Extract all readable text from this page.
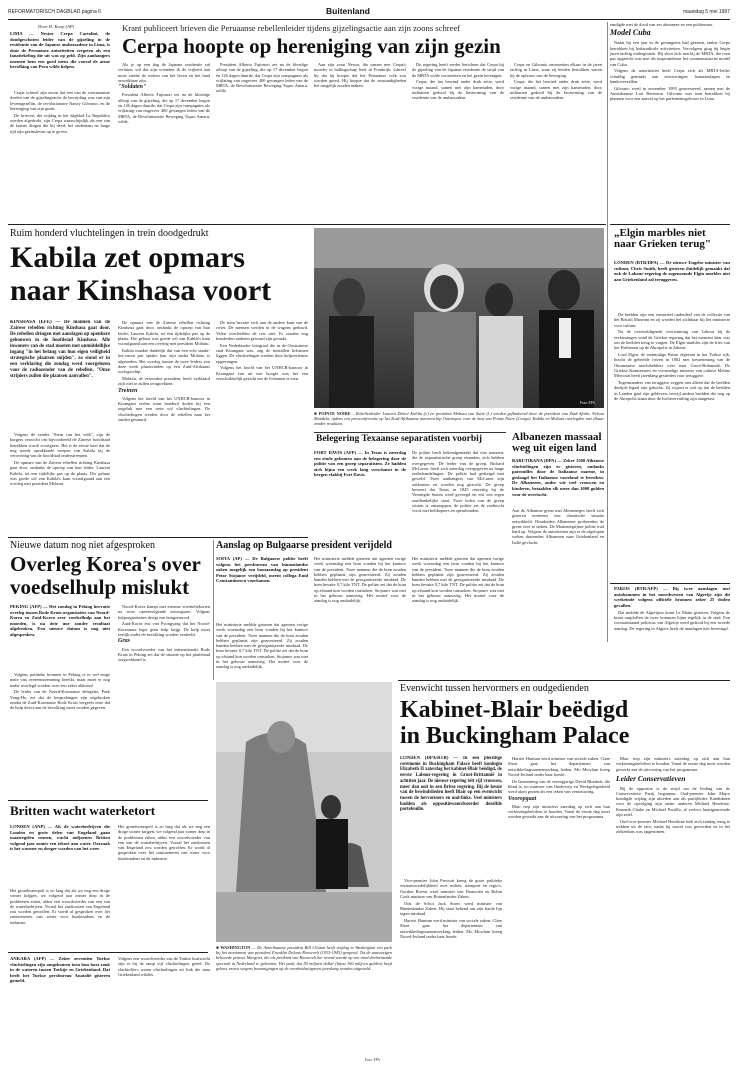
REFORMATORISCH DAGBLAD pagina 6	Buitenland	maandag 5 mei 1997
Door D. Koop (AP)
LIMA — Nestor Cerpa Cartolini, de doodgeschoten leider van de gijzeling in de residentie van de Japanse ambassadeur in Lima, is door de Peruaanse autoriteiten vergeten als een fanatiekeling die uit was op geld. Zijn aanhangers noemen hem een goed mens die vooral de arme bevolking van Peru wilde helpen.
Krant publiceert brieven die Peruaanse rebellenleider tijdens gijzelingsactie aan zijn zoons schreef
Cerpa hoopte op hereniging van zijn gezin

Cerpa schreef zijn zoons dat een van de voornaamste doelen van de gijzelingsactie de bevrijding was van zijn levensgezellin, de revolutionaire Nancy Gilvonio, en de hereniging van zijn gezin.

De brieven, die vrijdag in het dagblad La Republica werden afgedrukt, zijn Cerpa waarschijnlijk als een van de laatste dingen die hij deed, het ondernam na lange tijd zijn gezinsleven op te geven.

Als je op een dag de Japanse residentie zal verlaten, wil dat zijn vrienden ik de vrijheid aan moet omdat de wetten van het leven en het land onwrikbaar zijn.

"Soldaten"

President Alberto Fujimori zei na de bloedige afloop van de gijzeling, die op 17 december begon en 126 dagen duurde, dat Cerpa zijn compagnies als vrijlating van ongeveer 400 gevangen leden van de MRTA, de Revolutionaire Beweging Tupac Amaru, wilde.

President Alberto Fujimori zei na de bloedige afloop van de gijzeling, die op 17 december begon en 126 dagen duurde, dat Cerpa zijn compagnies als vrijlating van ongeveer 400 gevangen leden van de MRTA, de Revolutionaire Beweging Tupac Amaru, wilde.

Aan zijn zoon Nestor, die samen met Cerpa's moeder in ballingschap leeft in Frankrijk, schreef hij dat hij hoopte dat het Peruaanse volk zou worden gered. Hij hoopte dat de omstandigheden het mogelijk zouden maken.

De regering heeft eerder berichten dat Cerpa bij de gijzeling van de Japanse residentie de strijd van de MRTA wilde voortzetten en het gezin herenigen.

Cerpa, die het bewind onder druk zette, werd vorige maand, samen met zijn kameraden, door militairen gedood bij de bestorming van de residentie van de ambassadeur.

Cerpa en Gilvonio ontmoetten elkaar in de jaren tachtig in Lima, waar zij beiden betrokken waren bij de opbouw van de beweging.

Cerpa, die het bewind onder druk zette, werd vorige maand, samen met zijn kameraden, door militairen gedood bij de bestorming van de residentie van de ambassadeur.

eindigde met de dood van zes abonnees en een politieman.

Model Cuba

Nadat hij een jaar in de gevangenis had gezeten, raakte Cerpa betrokken bij linksradicale activiteiten. Vervolgens ging hij begin jaren tachtig ondergronds. Hij sloot zich aan bij de MRTA, die toen pas opgericht was met als inspiratiebron het communistische model van Cuba.

Volgens de autoriteiten heeft Cerpa zich als MRTA-leider schuldig gemaakt aan ontvoeringen, bomaanslagen en bankovervallen.

Gilvonio werd in november 1995 gearresteerd, samen met de Amerikaanse Lori Berenson. Gilvonio was toen betrokken bij plannen voor een aanval op het parlementsgebouw in Lima.

Ruim honderd vluchtelingen in trein doodgedrukt
Kabila zet opmars
naar Kinshasa voort
KINSHASA (EFE) — De mannen van de Zaïrese rebellen richting Kinshasa gaat door. De rebellen dringen met aanslagen op openbare gebouwen in de hoofdstad Kinshasa. Alle inwoners van de stad moeten met onmiddellijke ingang "in het belang van hun eigen veiligheid strategische plaatsen mijden", zo stond er in een verklaring die zondag werd voorgelezen voor de radiozender van de rebellen. "Onze strijders zullen die plaatsen aanvallen".

Volgens de zender "Stem van het volk", zijn de burgers verzocht om bijvoorbeeld de Zaïrese hoofdstad betrekken wordt voortgezet. Het is de eerste keer dat de nog steeds oprukkende troepen van Kabila hij de verovering van de hoofdstad onderstreepten.

De opmars van de Zaïrese rebellen richting Kinshasa gaat door, ondanks de oproep van hun leider, Laurent Kabila, tot een tijdelijke pas op de plaats. Die gebaar was goede wil van Kabila's kant voorafgaand aan een overleg met president Mobutu.

De opmars van de Zaïrese rebellen richting Kinshasa gaat door, ondanks de oproep van hun leider, Laurent Kabila, tot een tijdelijke pas op de plaats. Die gebaar was goede wil van Kabila's kant voorafgaand aan een overleg met president Mobutu.

Kabila maakte duidelijk dat van een echt staakt-het-vuren pas sprake kan zijn nadat Mobutu is afgetreden. Het overleg tussen de twee leiders zou deze week plaatsvinden op een Zuid-Afrikaans oorlogsschip.

Mobutu, de verzwakte president, heeft verklaard zich niet te zullen terugtrekken.

Treinen

Volgens het hoofd van het UNHCR-kantoor in Kisangani vielen ruim honderd doden bij een ongeluk met een trein vol vluchtelingen. De vluchtelingen werden door de rebellen naar het zuiden gestuurd.

De trein bevatte zich aan de andere kant van de rivier. De mensen werden in de wagons geduwd. Velen overleefden de reis niet. Er zouden nog honderden anderen gewond zijn geraakt.

Een Nederlandse fotograaf die in de Oostzaïrese stad Kisangani was, zag de tientallen lichamen liggen. De vluchtelingen werden door hulpverleners opgevangen.

Volgens het hoofd van het UNHCR-kantoor in Kisangani van uit een hoogte was het een verschrikkelijk gezicht om de lichamen te zien.

■ POINTE NOIRE – Rebellenleider Laurent Désiré Kabila (r.) en president Mobutu van Zaïre (l.) worden geflankeerd door de president van Zuid-Afrika, Nelson Mandela, tijdens een persconferentie op het Zuid-Afrikaanse marineschip Outeniqua, voor de kust van Pointe Noire (Congo). Kabila en Mobutu overlegden met elkaar zonder resultaat.
Foto: EPA
Belegering Texaanse separatisten voorbij
FORT DAVIS (AFP) — In Texas is zaterdag een einde gekomen aan de belegering door de politie van een groep separatisten. Ze hadden zich bijna een week lang verschanst in de bergen vlakbij Fort Davis.
De politie heeft bekendgemaakt dat vier mannen, die de separatistische groep steunden, zich hebben overgegeven. De leider van de groep, Richard McLaren, heeft zich zaterdag overgegeven na lange onderhandelingen. De politie had gedreigd met geweld. Twee aanhangers van McLaren zijn ontkomen en worden nog gezocht. De groep beweert dat Texas in 1845 onwettig bij de Verenigde Staten werd gevoegd en eist een eigen onafhankelijke staat. Twee leden van de groep wisten te ontsnappen, de politie zet de zoektocht voort met helikopters en speurhonden.
Albanezen massaal weg uit eigen land
BARI/TIRANA (DPA) — Zeker 1500 Albanese vluchtelingen zijn er gisteren, ondanks patrouilles door de Italiaanse marine, in geslaagd het Italiaanse vasteland te bereiken. De Albanezen, onder wie veel vrouwen en kinderen, betaalden elk meer dan 1000 gulden voor de overtocht.
Aan de Albanese grens met Montenegro heeft zich gisteren eveneens een chaotische situatie ontwikkeld. Honderden Albanezen probeerden de grens over te steken. De Montenegrijnse politie trad hard op. Volgens de autoriteiten zijn er de afgelopen weken duizenden Albanezen naar Griekenland en Italië gevlucht.
„Elgin marbles niet naar Grieken terug"
LONDEN (RTR/DPA) — De nieuwe Engelse minister van cultuur, Chris Smith, heeft gisteren duidelijk gemaakt dat ook de Labour-regering de zogenoemde Elgin marbles niet aan Griekenland zal teruggeven.

De beelden zijn een essentieel onderdeel van de collectie van het British Museum en zij worden het zichtbaar bij het ministerie voor cultuur.

Na de overweldigende overwinning van Labour bij de verkiezingen vond de Griekse regering dat het moment daar was om de beelden terug te vragen. De Elgin marbles zijn de fries van het Parthenon op de Akropolis in Athene.

Lord Elgin, de toenmalige Britse afgezant in het Turkse rijk, bracht de gebeelde frezen in 1802 met toestemming van de Ottomaanse machthebbers over naar Groot-Brittannië. De Griekse Kunstenares en voormalige minister van cultuur Melina Mercouri heeft jarenlang gestreden voor teruggave.

Tegenstanders van teruggave zeggen niet alleen dat de beelden destijds legaal zijn gekocht. Zij wijzen er ook op dat de beelden in Londen gaaf zijn gebleven, terwijl andere beelden die nog op de Akropolis staan door de luchtvervuiling zijn aangetast.

PARIJS (RTR/AFP) — Bij twee aanslagen met autobommen in het noordwesten van Algerije zijn dit weekeinde volgens officiële bronnen zeker 25 doden gevallen.

Dat meldde de Algerijnse krant Le Matin gisteren. Volgens de krant ontploffen de twee bommen bijna tegelijk in de stad. Een vooraanstaand politicus van Algerije werd gedood bij een tweede aanslag. De regering in Algiers heeft de aanslagen niet bevestigd.

Nieuwe datum nog niet afgesproken
Overleg Korea's over
voedselhulp mislukt
PEKING (AFP) — Het zondag in Peking hervatte overleg tussen Rode Kruis-organisaties van Noord-Korea en Zuid-Korea over voedselhulp aan het noorden, is na drie uur zonder resultaat afgebroken. Een nieuwe datum is nog niet afgesproken.

Volgens politieke bronnen in Peking is er wel enige mate van overeenstemming bereikt, maar moet er nog nader overlegd worden over een zeker akkoord.

De leider van de Noord-Koreaanse delegatie, Paek Yong-Ho, zei dat de besprekingen zijn afgebroken omdat de Zuid-Koreaanse Rode Kruis vergeefs eiste dat de hulp direct aan de bevolking moet worden gegeven.

Noord-Korea kampt met enorme voedseltekorten na twee opeenvolgende misoogsten. Volgens hulporganisaties dreigt een hongersnood.

Zuid-Korea eist van Pyongyang dat het Noord-Koreaanse leger geen hulp krijgt. De hulp moet eerlijk onder de bevolking worden verdeeld.

Gras

Een woordvoerder van het internationale Rode Kruis in Peking zei dat de situatie op het platteland zorgwekkend is.

Aanslag op Bulgaarse president verijdeld
SOFIA (AP) — De Bulgaarse politie heeft volgens het persbureau van binnenlandse zaken mogelijk een bomaanslag op president Petar Stojanov verijdeld, meent collega Emil Constantinescu voorkomen.
Het ministerie meldde gisteren dat agenten vorige week woensdag een bom vonden bij het kantoor van de president. Twee mannen die de bom zouden hebben geplaatst zijn gearresteerd. Zij zouden banden hebben met de georganiseerde misdaad. De bom bevatte 0,7 kilo TNT. De politie zei dat de bom op afstand kon worden ontstoken. Stojanov was niet in het gebouw aanwezig. Het motief voor de aanslag is nog onduidelijk.
Het ministerie meldde gisteren dat agenten vorige week woensdag een bom vonden bij het kantoor van de president. Twee mannen die de bom zouden hebben geplaatst zijn gearresteerd. Zij zouden banden hebben met de georganiseerde misdaad. De bom bevatte 0,7 kilo TNT. De politie zei dat de bom op afstand kon worden ontstoken. Stojanov was niet in het gebouw aanwezig. Het motief voor de aanslag is nog onduidelijk.
Het ministerie meldde gisteren dat agenten vorige week woensdag een bom vonden bij het kantoor van de president. Twee mannen die de bom zouden hebben geplaatst zijn gearresteerd. Zij zouden banden hebben met de georganiseerde misdaad. De bom bevatte 0,7 kilo TNT. De politie zei dat de bom op afstand kon worden ontstoken. Stojanov was niet in het gebouw aanwezig. Het motief voor de aanslag is nog onduidelijk.
■ WASHINGTON — De Amerikaanse president Bill Clinton heeft vrijdag in Washington een park bij het monument van president Franklin Delano Roosevelt (1933-1945) geopend. Tot de aanwezigen behoorde prinses Margriet, die als peetkind van Roosevelt het woord voerde op een rond deelnemende speciaal in Nederland te gebeuren. Het park, dat 50 miljoen dollar (bijna 100 miljoen gulden) heeft gekost, moest wegens bezuinigingen op de overheidsuitgaven jarenlang worden uitgesteld.
Foto: EPA
Britten wacht waterketort
LONDEN (ANP) — Als de waterbedrijven die Londen en grote delen van Engeland gaan maatregelen nemen, wacht miljoenen Britten volgend jaar zomer een tekort aan water. Oorzaak is het warmer en droger worden van het weer.
Het grondwaterpeil is zo laag dat als we nog een droge winter krijgen, we volgend jaar zomer diep in de problemen zitten, aldus een woordvoerder van een van de waterbedrijven. Vooral het zuidoosten van Engeland zou worden getroffen. Er wordt al gesproken over het rantsoeneren van water voor huishoudens en de industrie.
Het grondwaterpeil is zo laag dat als we nog een droge winter krijgen, we volgend jaar zomer diep in de problemen zitten, aldus een woordvoerder van een van de waterbedrijven. Vooral het zuidoosten van Engeland zou worden getroffen. Er wordt al gesproken over het rantsoeneren van water voor huishoudens en de industrie.

ANKARA (AFP) — Zeker zeventien Turkse vluchtelingen zijn omgekomen toen hun boot zonk in de wateren tussen Turkije en Griekenland. Dat heeft het Turkse persbureau Anatolië gisteren gemeld.

Volgens een woordvoerder van de Turkse kustwacht zijn er bij de ramp vijf vluchtelingen gered. De slachtoffers waren vluchtelingen uit Irak die naar Griekenland wilden.
Evenwicht tussen hervormers en oudgedienden
Kabinet-Blair beëdigd
in Buckingham Palace
LONDEN (DPA/RTR) — In een plechtige ceremonie in Buckingham Palace heeft koningin Elizabeth II zaterdag het kabinet-Blair beëdigd, de eerste Labour-regering in Groot-Brittannië in achttien jaar. De nieuwe regering telt vijf vrouwen, meer dan ooit in een Britse regering. Bij de keuze van de bewindslieden heeft Blair op een evenwicht tussen de hervormers en oud-links. Veel ministers hadden als oppositiewoordvoerder dezelfde portefeuille.

Vice-premier John Prescott kreeg de grote politieke verantwoordelijkheid over milieu, transport en regio's. Gordon Brown werd minister van Financiën en Robin Cook minister van Buitenlandse Zaken.

Ook de Schot Jack Straw werd minister van Binnenlandse Zaken. Hij staat bekend om zijn harde lijn tegen misdaad.

Harriet Harman werd minister van sociale zaken. Clare Short gaat het departement van ontwikkelingssamenwerking leiden. Mo Mowlam kreeg Noord-Ierland onder haar hoede.

Harriet Harman werd minister van sociale zaken. Clare Short gaat het departement van ontwikkelingssamenwerking leiden. Mo Mowlam kreeg Noord-Ierland onder haar hoede.

De benoeming van de veertigjarige David Blunkett, die blind is, tot minister van Onderwijs en Werkgelegenheid werd alom gezien als een teken van vernieuwing.

Vooropgaat

Blair riep zijn ministers zaterdag op zich aan hun verkiezingsbeloften te houden. Vanaf de eerste dag moet worden gewerkt aan de uitvoering van het programma.

Blair riep zijn ministers zaterdag op zich aan hun verkiezingsbeloften te houden. Vanaf de eerste dag moet worden gewerkt aan de uitvoering van het programma.

Leider Conservatieven

Bij de oppositie is de strijd om de leiding van de Conservatieve Partij begonnen. Oud-premier John Major kondigde vrijdag zijn aftreden aan als partijleider. Kandidaten voor de opvolging zijn onder anderen Michael Heseltine, Kenneth Clarke en Michael Portillo, al verloor laatstgenoemde zijn zetel.

Oud-vice-premier Michael Heseltine leek zich zondag terug te trekken uit de race, nadat hij onwel was geworden en in het ziekenhuis was opgenomen.
